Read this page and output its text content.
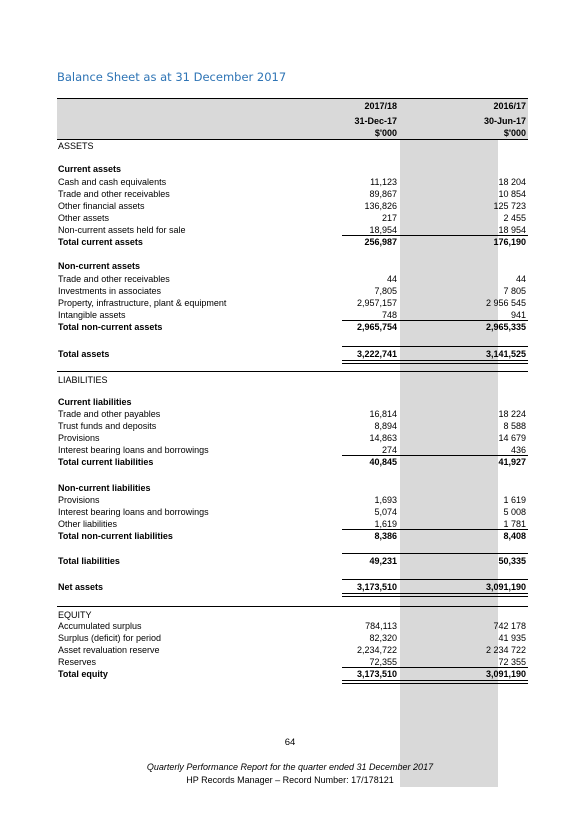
Balance Sheet as at 31 December 2017
2017/18	2016/17
31-Dec-17	30-Jun-17
$'000	$'000
ASSETS
Current assets
Cash and cash equivalents	11,123	18 204
Trade and other receivables	89,867	10 854
Other financial assets	136,826	125 723
Other assets	217	2 455
Non-current assets held for sale	18,954	18 954
Total current assets	256,987	176,190
Non-current assets
Trade and other receivables	44	44
Investments in associates	7,805	7 805
Property, infrastructure, plant & equipment	2,957,157	2 956 545
Intangible assets	748	941
Total non-current assets	2,965,754	2,965,335
Total assets	3,222,741	3,141,525
LIABILITIES
Current liabilities
Trade and other payables	16,814	18 224
Trust funds and deposits	8,894	8 588
Provisions	14,863	14 679
Interest bearing loans and borrowings	274	436
Total current liabilities	40,845	41,927
Non-current liabilities
Provisions	1,693	1 619
Interest bearing loans and borrowings	5,074	5 008
Other liabilities	1,619	1 781
Total non-current liabilities	8,386	8,408
Total liabilities	49,231	50,335
Net assets	3,173,510	3,091,190
EQUITY
Accumulated surplus	784,113	742 178
Surplus (deficit) for period	82,320	41 935
Asset revaluation reserve	2,234,722	2 234 722
Reserves	72,355	72 355
Total equity	3,173,510	3,091,190
64
Quarterly Performance Report for the quarter ended 31 December 2017
HP Records Manager – Record Number: 17/178121
